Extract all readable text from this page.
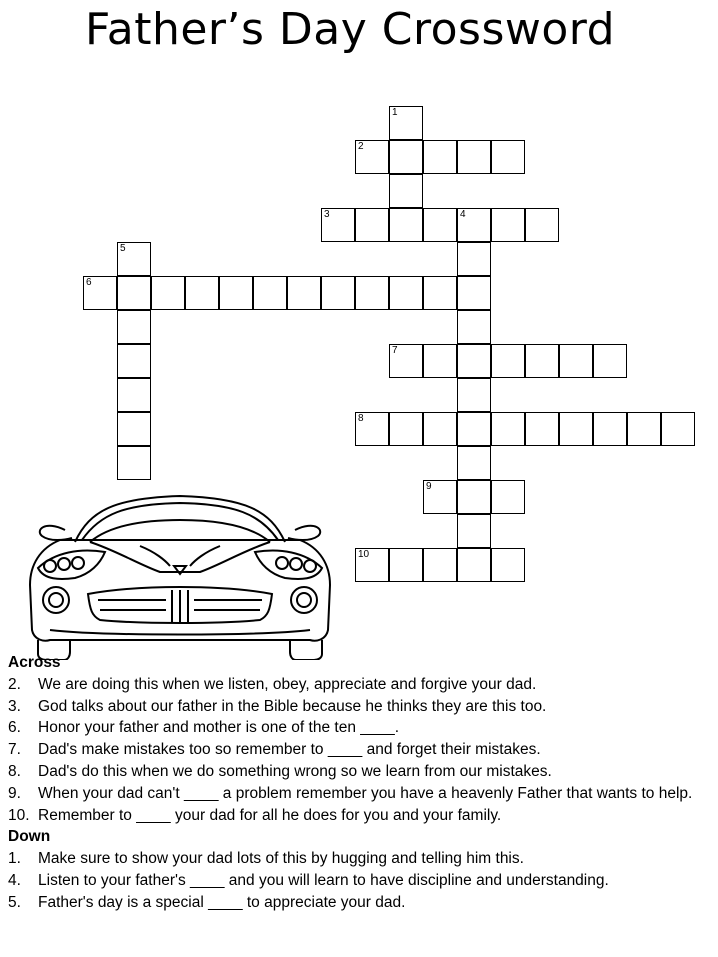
Father’s Day Crossword
1
2
3	4
5
6
7
8
9
10
Across
2. We are doing this when we listen, obey, appreciate and forgive your dad.
3. God talks about our father in the Bible because he thinks they are this too.
6. Honor your father and mother is one of the ten ____.
7. Dad's make mistakes too so remember to ____ and forget their mistakes.
8. Dad's do this when we do something wrong so we learn from our mistakes.
9. When your dad can't ____ a problem remember you have a heavenly Father that wants to help.
10. Remember to ____ your dad for all he does for you and your family.
Down
1. Make sure to show your dad lots of this by hugging and telling him this.
4. Listen to your father's ____ and you will learn to have discipline and understanding.
5. Father's day is a special ____ to appreciate your dad.
